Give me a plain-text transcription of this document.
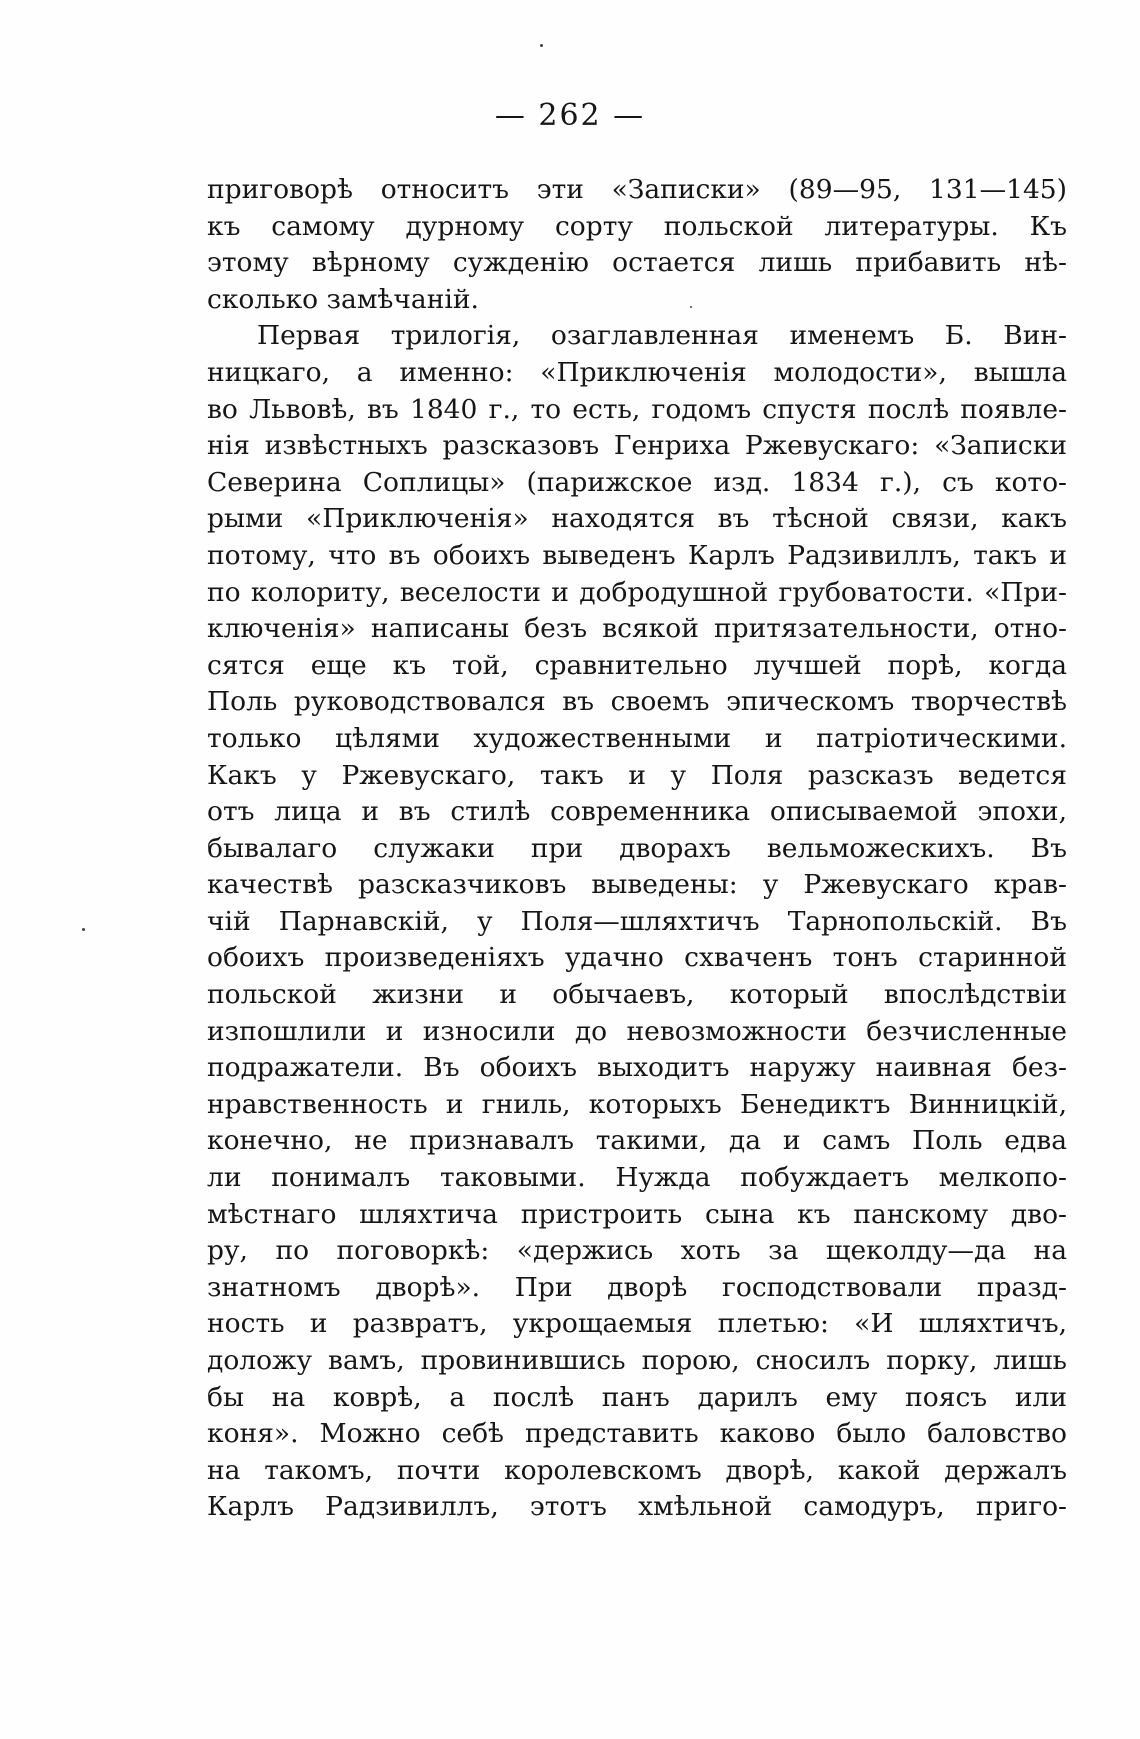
— 262 —
приговорѣ относитъ эти «Записки» (89—95, 131—145)
къ самому дурному сорту польской литературы. Къ
этому вѣрному сужденію остается лишь прибавить нѣ-
сколько замѣчаній.
Первая трилогія, озаглавленная именемъ Б. Вин-
ницкаго, а именно: «Приключенія молодости», вышла
во Львовѣ, въ 1840 г., то есть, годомъ спустя послѣ появле-
нія извѣстныхъ разсказовъ Генриха Ржевускаго: «Записки
Северина Соплицы» (парижское изд. 1834 г.), съ кото-
рыми «Приключенія» находятся въ тѣсной связи, какъ
потому, что въ обоихъ выведенъ Карлъ Радзивиллъ, такъ и
по колориту, веселости и добродушной грубоватости. «При-
ключенія» написаны безъ всякой притязательности, отно-
сятся еще къ той, сравнительно лучшей порѣ, когда
Поль руководствовался въ своемъ эпическомъ творчествѣ
только цѣлями художественными и патріотическими.
Какъ у Ржевускаго, такъ и у Поля разсказъ ведется
отъ лица и въ стилѣ современника описываемой эпохи,
бывалаго служаки при дворахъ вельможескихъ. Въ
качествѣ разсказчиковъ выведены: у Ржевускаго крав-
чій Парнавскій, у Поля—шляхтичъ Тарнопольскій. Въ
обоихъ произведеніяхъ удачно схваченъ тонъ старинной
польской жизни и обычаевъ, который впослѣдствіи
изпошлили и износили до невозможности безчисленные
подражатели. Въ обоихъ выходитъ наружу наивная без-
нравственность и гниль, которыхъ Бенедиктъ Винницкій,
конечно, не признавалъ такими, да и самъ Поль едва
ли понималъ таковыми. Нужда побуждаетъ мелкопо-
мѣстнаго шляхтича пристроить сына къ панскому дво-
ру, по поговоркѣ: «держись хоть за щеколду—да на
знатномъ дворѣ». При дворѣ господствовали празд-
ность и развратъ, укрощаемыя плетью: «И шляхтичъ,
доложу вамъ, провинившись порою, сносилъ порку, лишь
бы на коврѣ, а послѣ панъ дарилъ ему поясъ или
коня». Можно себѣ представить каково было баловство
на такомъ, почти королевскомъ дворѣ, какой держалъ
Карлъ Радзивиллъ, этотъ хмѣльной самодуръ, приго-
